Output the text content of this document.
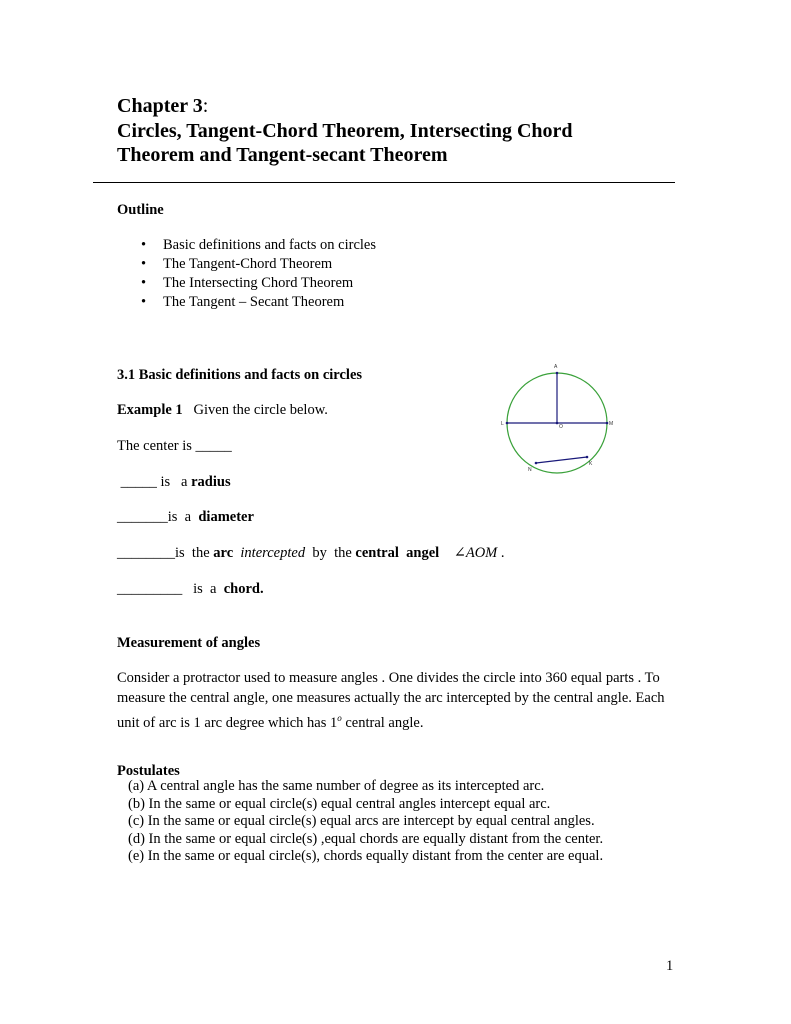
Chapter 3:
Circles, Tangent-Chord Theorem, Intersecting Chord
Theorem and Tangent-secant Theorem
Outline
• Basic definitions and facts on circles
• The Tangent-Chord Theorem
• The Intersecting Chord Theorem
• The Tangent – Secant Theorem
3.1 Basic definitions and facts on circles
Example 1 Given the circle below.
The center is _____
_____ is   a radius
_______is  a  diameter
________is  the arc intercepted  by  the central  angel ∠AOM .
_________   is  a  chord.
A
L	O	M
N
K
Measurement of angles
Consider a protractor used to measure angles . One divides the circle into 360 equal parts . To measure the central angle, one measures actually the arc intercepted by the central angle. Each unit of arc is 1 arc degree which has 1$^o$ central angle.
Postulates
(a) A central angle has the same number of degree as its intercepted arc.
(b) In the same or equal circle(s) equal central angles intercept equal arc.
(c) In the same or equal circle(s) equal arcs are intercept by equal central angles.
(d) In the same or equal circle(s) ,equal chords are equally distant from the center.
(e) In the same or equal circle(s), chords equally distant from the center are equal.
1
